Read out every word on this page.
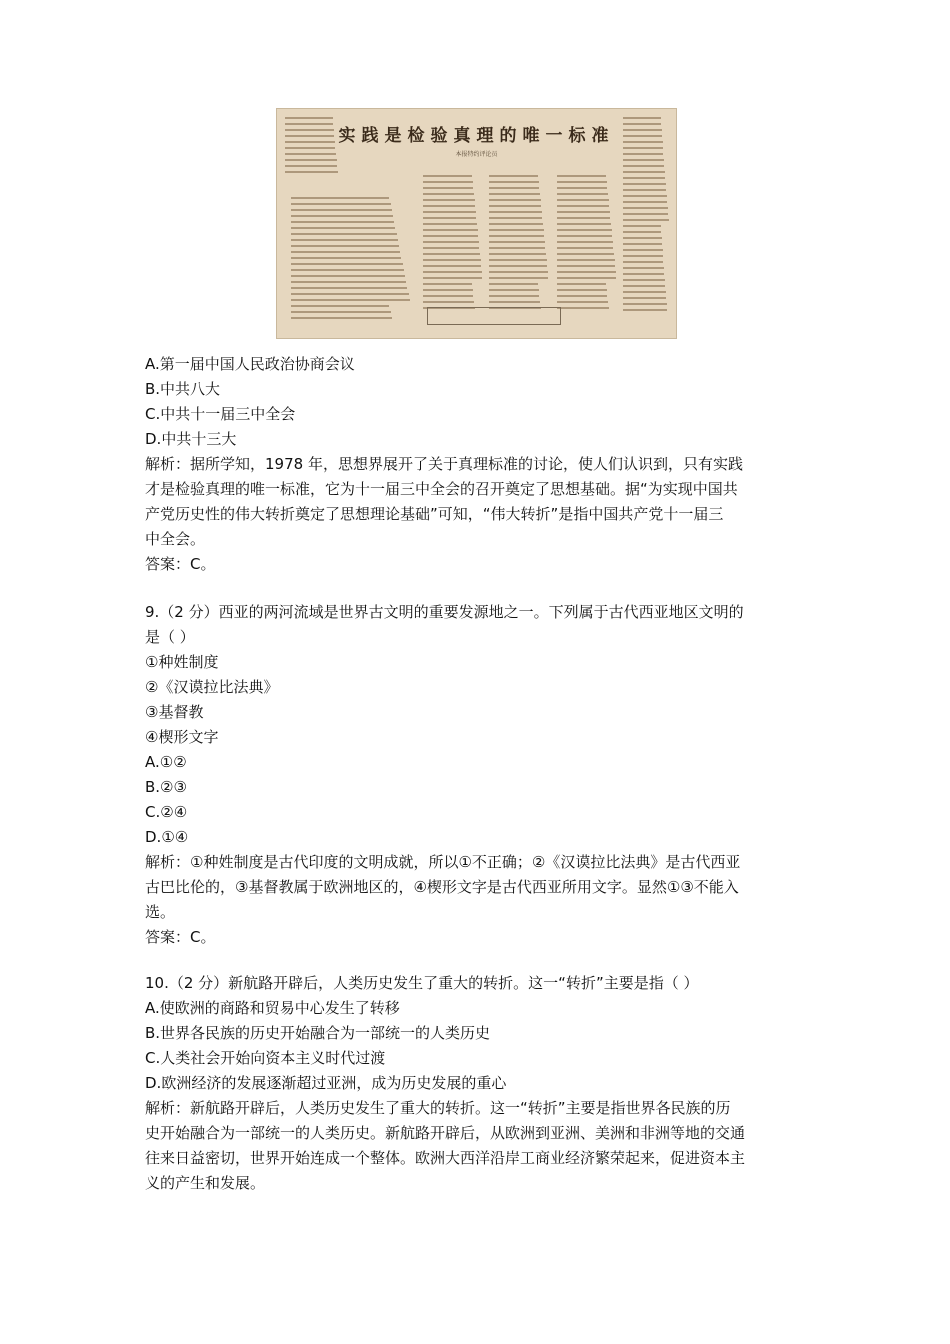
实践是检验真理的唯一标准
本报特约评论员
A.第一届中国人民政治协商会议
B.中共八大
C.中共十一届三中全会
D.中共十三大
解析：据所学知，1978 年，思想界展开了关于真理标准的讨论，使人们认识到，只有实践
才是检验真理的唯一标准，它为十一届三中全会的召开奠定了思想基础。据“为实现中国共
产党历史性的伟大转折奠定了思想理论基础”可知，“伟大转折”是指中国共产党十一届三
中全会。
答案：C。
9.（2 分）西亚的两河流域是世界古文明的重要发源地之一。下列属于古代西亚地区文明的
是（ ）
①种姓制度
②《汉谟拉比法典》
③基督教
④楔形文字
A.①②
B.②③
C.②④
D.①④
解析：①种姓制度是古代印度的文明成就，所以①不正确；②《汉谟拉比法典》是古代西亚
古巴比伦的，③基督教属于欧洲地区的，④楔形文字是古代西亚所用文字。显然①③不能入
选。
答案：C。
10.（2 分）新航路开辟后，人类历史发生了重大的转折。这一“转折”主要是指（ ）
A.使欧洲的商路和贸易中心发生了转移
B.世界各民族的历史开始融合为一部统一的人类历史
C.人类社会开始向资本主义时代过渡
D.欧洲经济的发展逐渐超过亚洲，成为历史发展的重心
解析：新航路开辟后，人类历史发生了重大的转折。这一“转折”主要是指世界各民族的历
史开始融合为一部统一的人类历史。新航路开辟后，从欧洲到亚洲、美洲和非洲等地的交通
往来日益密切，世界开始连成一个整体。欧洲大西洋沿岸工商业经济繁荣起来，促进资本主
义的产生和发展。
